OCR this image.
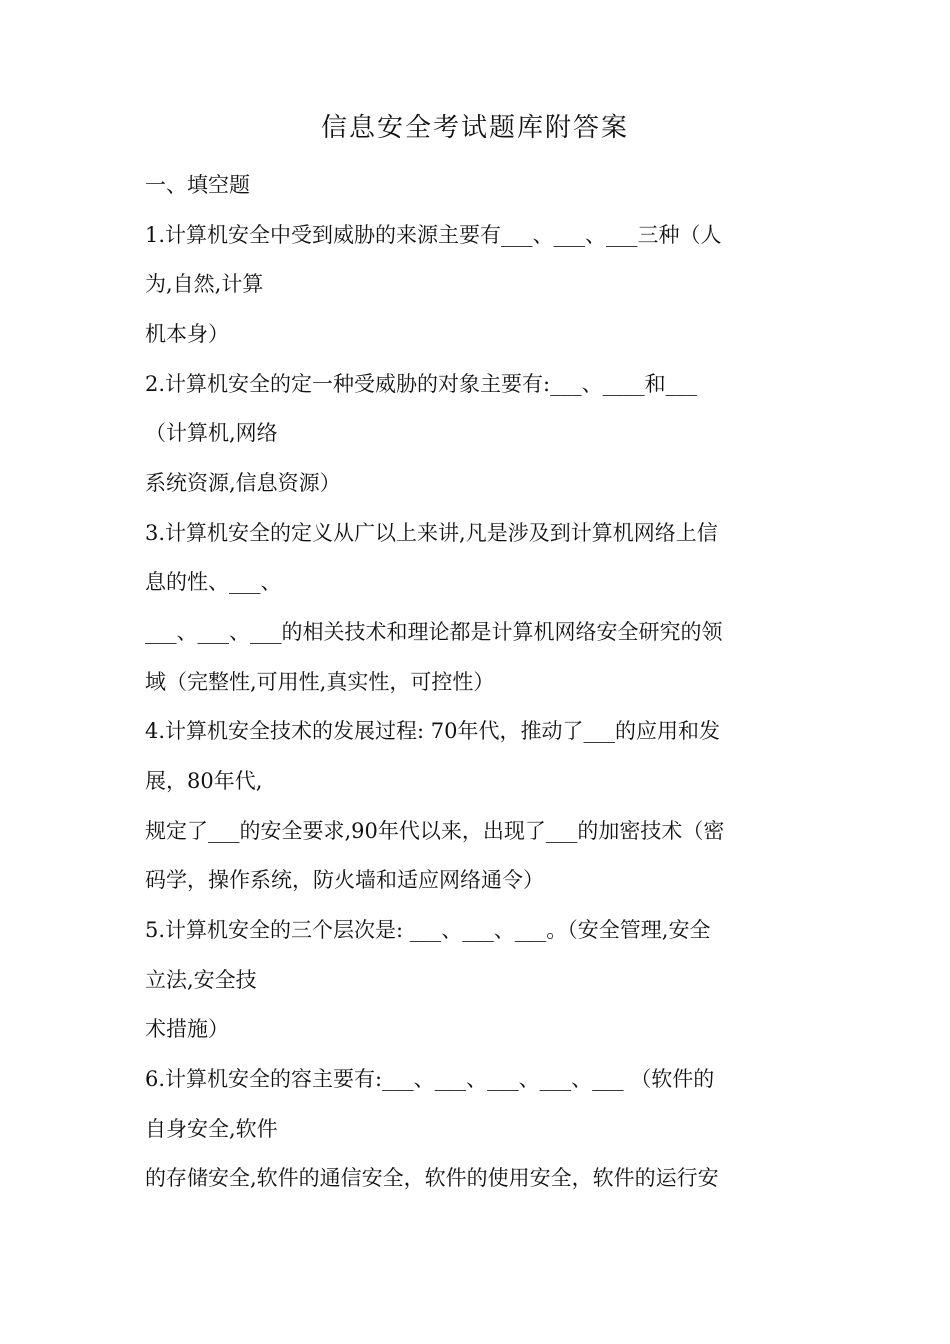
信息安全考试题库附答案
一、填空题
1.计算机安全中受到威胁的来源主要有___、___、___三种（人
为,自然,计算
机本身）
2.计算机安全的定一种受威胁的对象主要有:___、____和___
（计算机,网络
系统资源,信息资源）
3.计算机安全的定义从广以上来讲,凡是涉及到计算机网络上信
息的性、___、
___、___、___的相关技术和理论都是计算机网络安全研究的领
域（完整性,可用性,真实性，可控性）
4.计算机安全技术的发展过程: 70年代，推动了___的应用和发
展，80年代,
规定了___的安全要求,90年代以来，出现了___的加密技术（密
码学，操作系统，防火墙和适应网络通令）
5.计算机安全的三个层次是: ___、___、___。（安全管理,安全
立法,安全技
术措施）
6.计算机安全的容主要有:___、___、___、___、___ （软件的
自身安全,软件
的存储安全,软件的通信安全，软件的使用安全，软件的运行安
